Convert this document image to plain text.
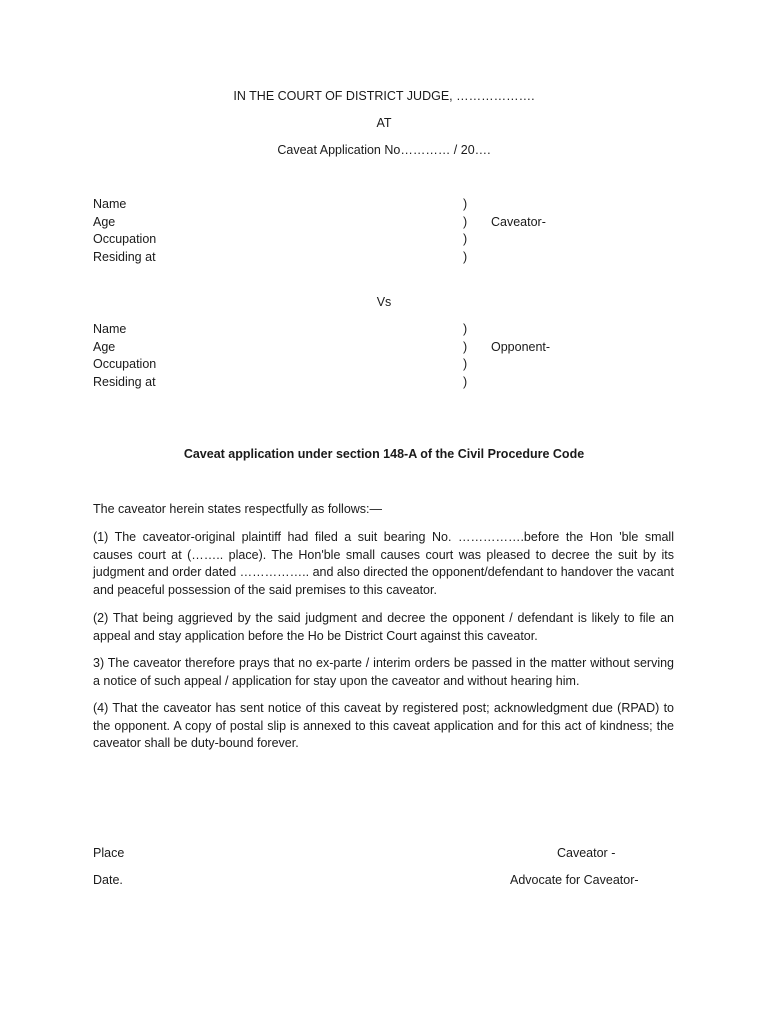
IN THE COURT OF DISTRICT JUDGE, ……………….
AT
Caveat Application No………… / 20….
Name	)
Age	) Caveator-
Occupation	)
Residing at	)
Vs
Name	)
Age	) Opponent-
Occupation	)
Residing at	)
Caveat application under section 148-A of the Civil Procedure Code
The caveator herein states respectfully as follows:—

(1) The caveator-original plaintiff had filed a suit bearing No. …………….before the Hon 'ble small causes court at (…….. place). The Hon'ble small causes court was pleased to decree the suit by its judgment and order dated …………….. and also directed the opponent/defendant to handover the vacant and peaceful possession of the said premises to this caveator.

(2) That being aggrieved by the said judgment and decree the opponent / defendant is likely to file an appeal and stay application before the Ho be District Court against this caveator.

3) The caveator therefore prays that no ex-parte / interim orders be passed in the matter without serving a notice of such appeal / application for stay upon the caveator and without hearing him.

(4) That the caveator has sent notice of this caveat by registered post; acknowledgment due (RPAD) to the opponent. A copy of postal slip is annexed to this caveat application and for this act of kindness; the caveator shall be duty-bound forever.

Place	Caveator -
Date.	Advocate for Caveator-
